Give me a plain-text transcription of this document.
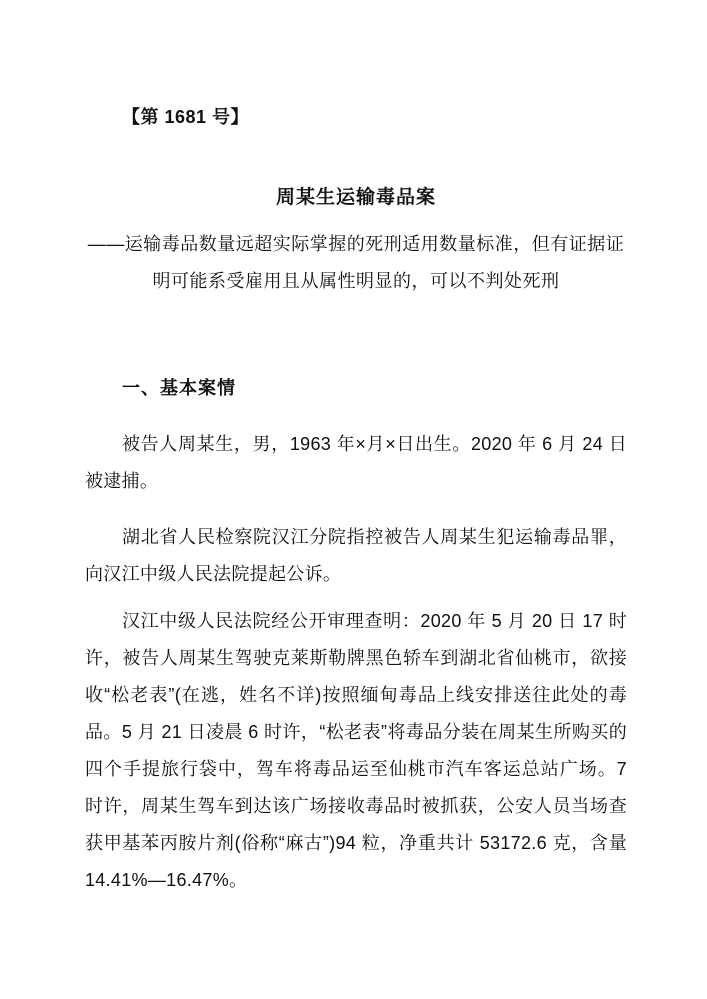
【第 1681 号】
周某生运输毒品案
——运输毒品数量远超实际掌握的死刑适用数量标准，但有证据证明可能系受雇用且从属性明显的，可以不判处死刑
一、基本案情

被告人周某生，男，1963 年×月×日出生。2020 年 6 月 24 日被逮捕。

湖北省人民检察院汉江分院指控被告人周某生犯运输毒品罪，向汉江中级人民法院提起公诉。

汉江中级人民法院经公开审理查明：2020 年 5 月 20 日 17 时许，被告人周某生驾驶克莱斯勒牌黑色轿车到湖北省仙桃市，欲接收“松老表”(在逃，姓名不详)按照缅甸毒品上线安排送往此处的毒品。5 月 21 日凌晨 6 时许，“松老表”将毒品分装在周某生所购买的四个手提旅行袋中，驾车将毒品运至仙桃市汽车客运总站广场。7 时许，周某生驾车到达该广场接收毒品时被抓获，公安人员当场查获甲基苯丙胺片剂(俗称“麻古”)94 粒，净重共计 53172.6 克，含量 14.41%—16.47%。
